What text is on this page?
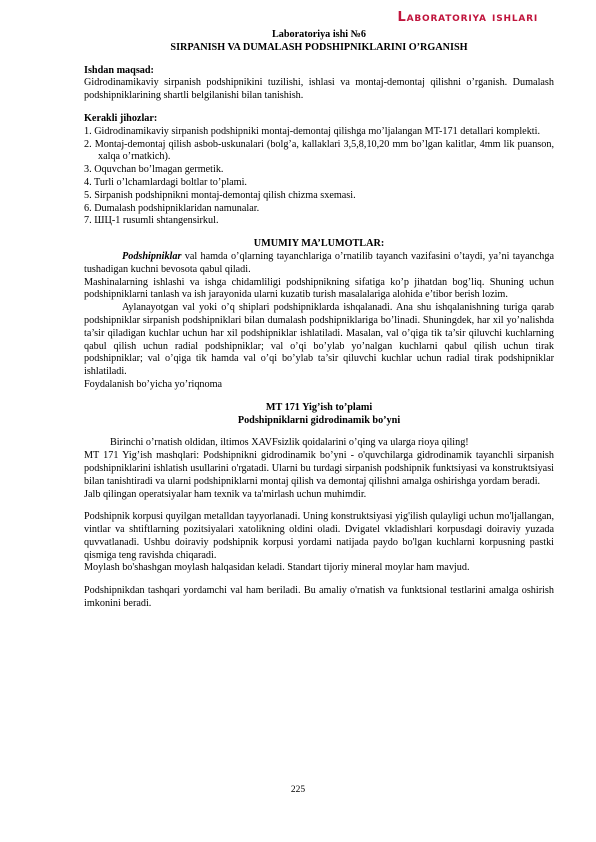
Laboratoriya ishlari

Laboratoriya ishi №6

SIRPANISH VA DUMALASH PODSHIPNIKLARINI O’RGANISH

Ishdan maqsad:

Gidrodinamikaviy sirpanish podshipnikini tuzilishi, ishlasi va montaj-demontaj qilishni o’rganish. Dumalash podshipniklarining shartli belgilanishi bilan tanishish.

Kerakli jihozlar:

1. Gidrodinamikaviy sirpanish podshipniki montaj-demontaj qilishga mo’ljalangan MT-171 detallari komplekti.
2. Montaj-demontaj qilish asbob-uskunalari (bolg’a, kallaklari 3,5,8,10,20 mm bo’lgan kalitlar, 4mm lik puanson, xalqa o’rnatkich).
3. Oquvchan bo’lmagan germetik.
4. Turli o’lchamlardagi boltlar to’plami.
5. Sirpanish podshipnikni montaj-demontaj qilish chizma sxemasi.
6. Dumalash podshipniklaridan namunalar.
7. ШЦ-1 rusumli shtangensirkul.

UMUMIY MA’LUMOTLAR:

Podshipniklar val hamda o’qlarning tayanchlariga o’rnatilib tayanch vazifasini o’taydi, ya’ni tayanchga tushadigan kuchni bevosota qabul qiladi.

Mashinalarning ishlashi va ishga chidamliligi podshipnikning sifatiga ko’p jihatdan bog’liq. Shuning uchun podshipniklarni tanlash va ish jarayonida ularni kuzatib turish masalalariga alohida e’tibor berish lozim.

Aylanayotgan val yoki o’q shiplari podshipniklarda ishqalanadi. Ana shu ishqalanishning turiga qarab podshipniklar sirpanish podshipniklari bilan dumalash podshipniklariga bo’linadi. Shuningdek, har xil yo’nalishda ta’sir qiladigan kuchlar uchun har xil podshipniklar ishlatiladi. Masalan, val o’qiga tik ta’sir qiluvchi kuchlarning qabul qilish uchun radial podshipniklar; val o’qi bo’ylab yo’nalgan kuchlarni qabul qilish uchun tirak podshipniklar; val o’qiga tik hamda val o’qi bo’ylab ta’sir qiluvchi kuchlar uchun radial tirak podshipniklar ishlatiladi.

Foydalanish bo’yicha yo’riqnoma

MT 171 Yig’ish to’plami

Podshipniklarni gidrodinamik bo’yni

Birinchi o’rnatish oldidan, iltimos XAVFsizlik qoidalarini o’qing va ularga rioya qiling!

MT 171 Yig’ish mashqlari: Podshipnikni gidrodinamik bo’yni - o'quvchilarga gidrodinamik tayanchli sirpanish podshipniklarini ishlatish usullarini o'rgatadi. Ularni bu turdagi sirpanish podshipnik funktsiyasi va konstruktsiyasi bilan tanishtiradi va ularni podshipniklarni montaj qilish va demontaj qilishni amalga oshirishga yordam beradi.

Jalb qilingan operatsiyalar ham texnik va ta'mirlash uchun muhimdir.

Podshipnik korpusi quyilgan metalldan tayyorlanadi. Uning konstruktsiyasi yig'ilish qulayligi uchun mo'ljallangan, vintlar va shtiftlarning pozitsiyalari xatolikning oldini oladi. Dvigatel vkladishlari korpusdagi doiraviy yuzada quvvatlanadi. Ushbu doiraviy podshipnik korpusi yordami natijada paydo bo'lgan kuchlarni korpusning pastki qismiga teng ravishda chiqaradi.

Moylash bo'shashgan moylash halqasidan keladi. Standart tijoriy mineral moylar ham mavjud.

Podshipnikdan tashqari yordamchi val ham beriladi. Bu amaliy o'rnatish va funktsional testlarini amalga oshirish imkonini beradi.

225
